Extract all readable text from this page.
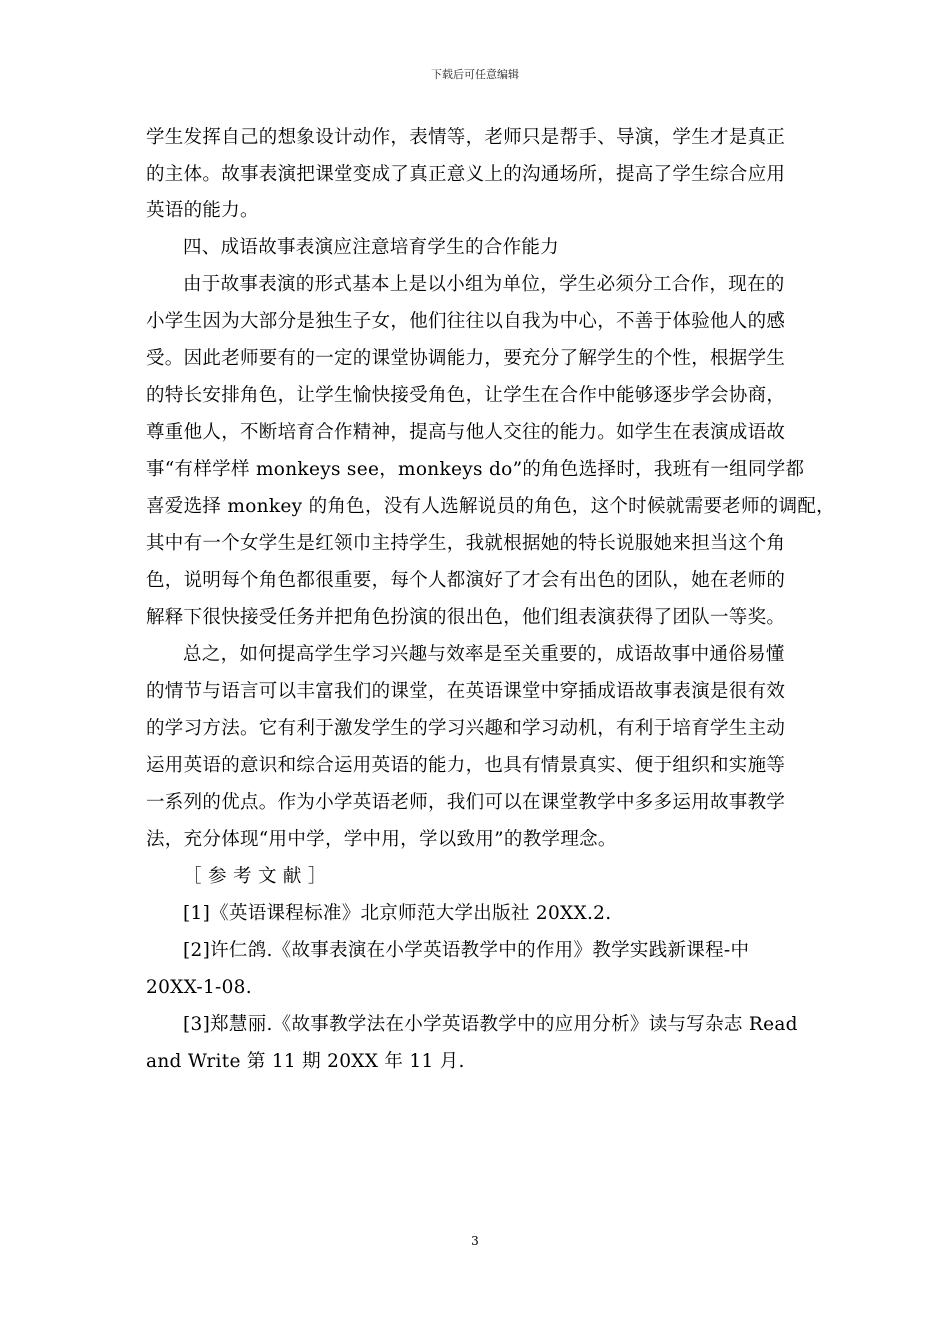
下载后可任意编辑
学生发挥自己的想象设计动作，表情等，老师只是帮手、导演，学生才是真正
的主体。故事表演把课堂变成了真正意义上的沟通场所，提高了学生综合应用
英语的能力。
四、成语故事表演应注意培育学生的合作能力
由于故事表演的形式基本上是以小组为单位，学生必须分工合作，现在的
小学生因为大部分是独生子女，他们往往以自我为中心，不善于体验他人的感
受。因此老师要有的一定的课堂协调能力，要充分了解学生的个性，根据学生
的特长安排角色，让学生愉快接受角色，让学生在合作中能够逐步学会协商，
尊重他人，不断培育合作精神，提高与他人交往的能力。如学生在表演成语故
事“有样学样 monkeys see，monkeys do”的角色选择时，我班有一组同学都
喜爱选择 monkey 的角色，没有人选解说员的角色，这个时候就需要老师的调配，
其中有一个女学生是红领巾主持学生，我就根据她的特长说服她来担当这个角
色，说明每个角色都很重要，每个人都演好了才会有出色的团队，她在老师的
解释下很快接受任务并把角色扮演的很出色，他们组表演获得了团队一等奖。
总之，如何提高学生学习兴趣与效率是至关重要的，成语故事中通俗易懂
的情节与语言可以丰富我们的课堂，在英语课堂中穿插成语故事表演是很有效
的学习方法。它有利于激发学生的学习兴趣和学习动机，有利于培育学生主动
运用英语的意识和综合运用英语的能力，也具有情景真实、便于组织和实施等
一系列的优点。作为小学英语老师，我们可以在课堂教学中多多运用故事教学
法，充分体现“用中学，学中用，学以致用”的教学理念。
［ 参 考 文 献 ］
[1]《英语课程标准》北京师范大学出版社 20XX.2.
[2]许仁鸽.《故事表演在小学英语教学中的作用》教学实践新课程-中
20XX-1-08.
[3]郑慧丽.《故事教学法在小学英语教学中的应用分析》读与写杂志 Read
and Write 第 11 期 20XX 年 11 月.
3
